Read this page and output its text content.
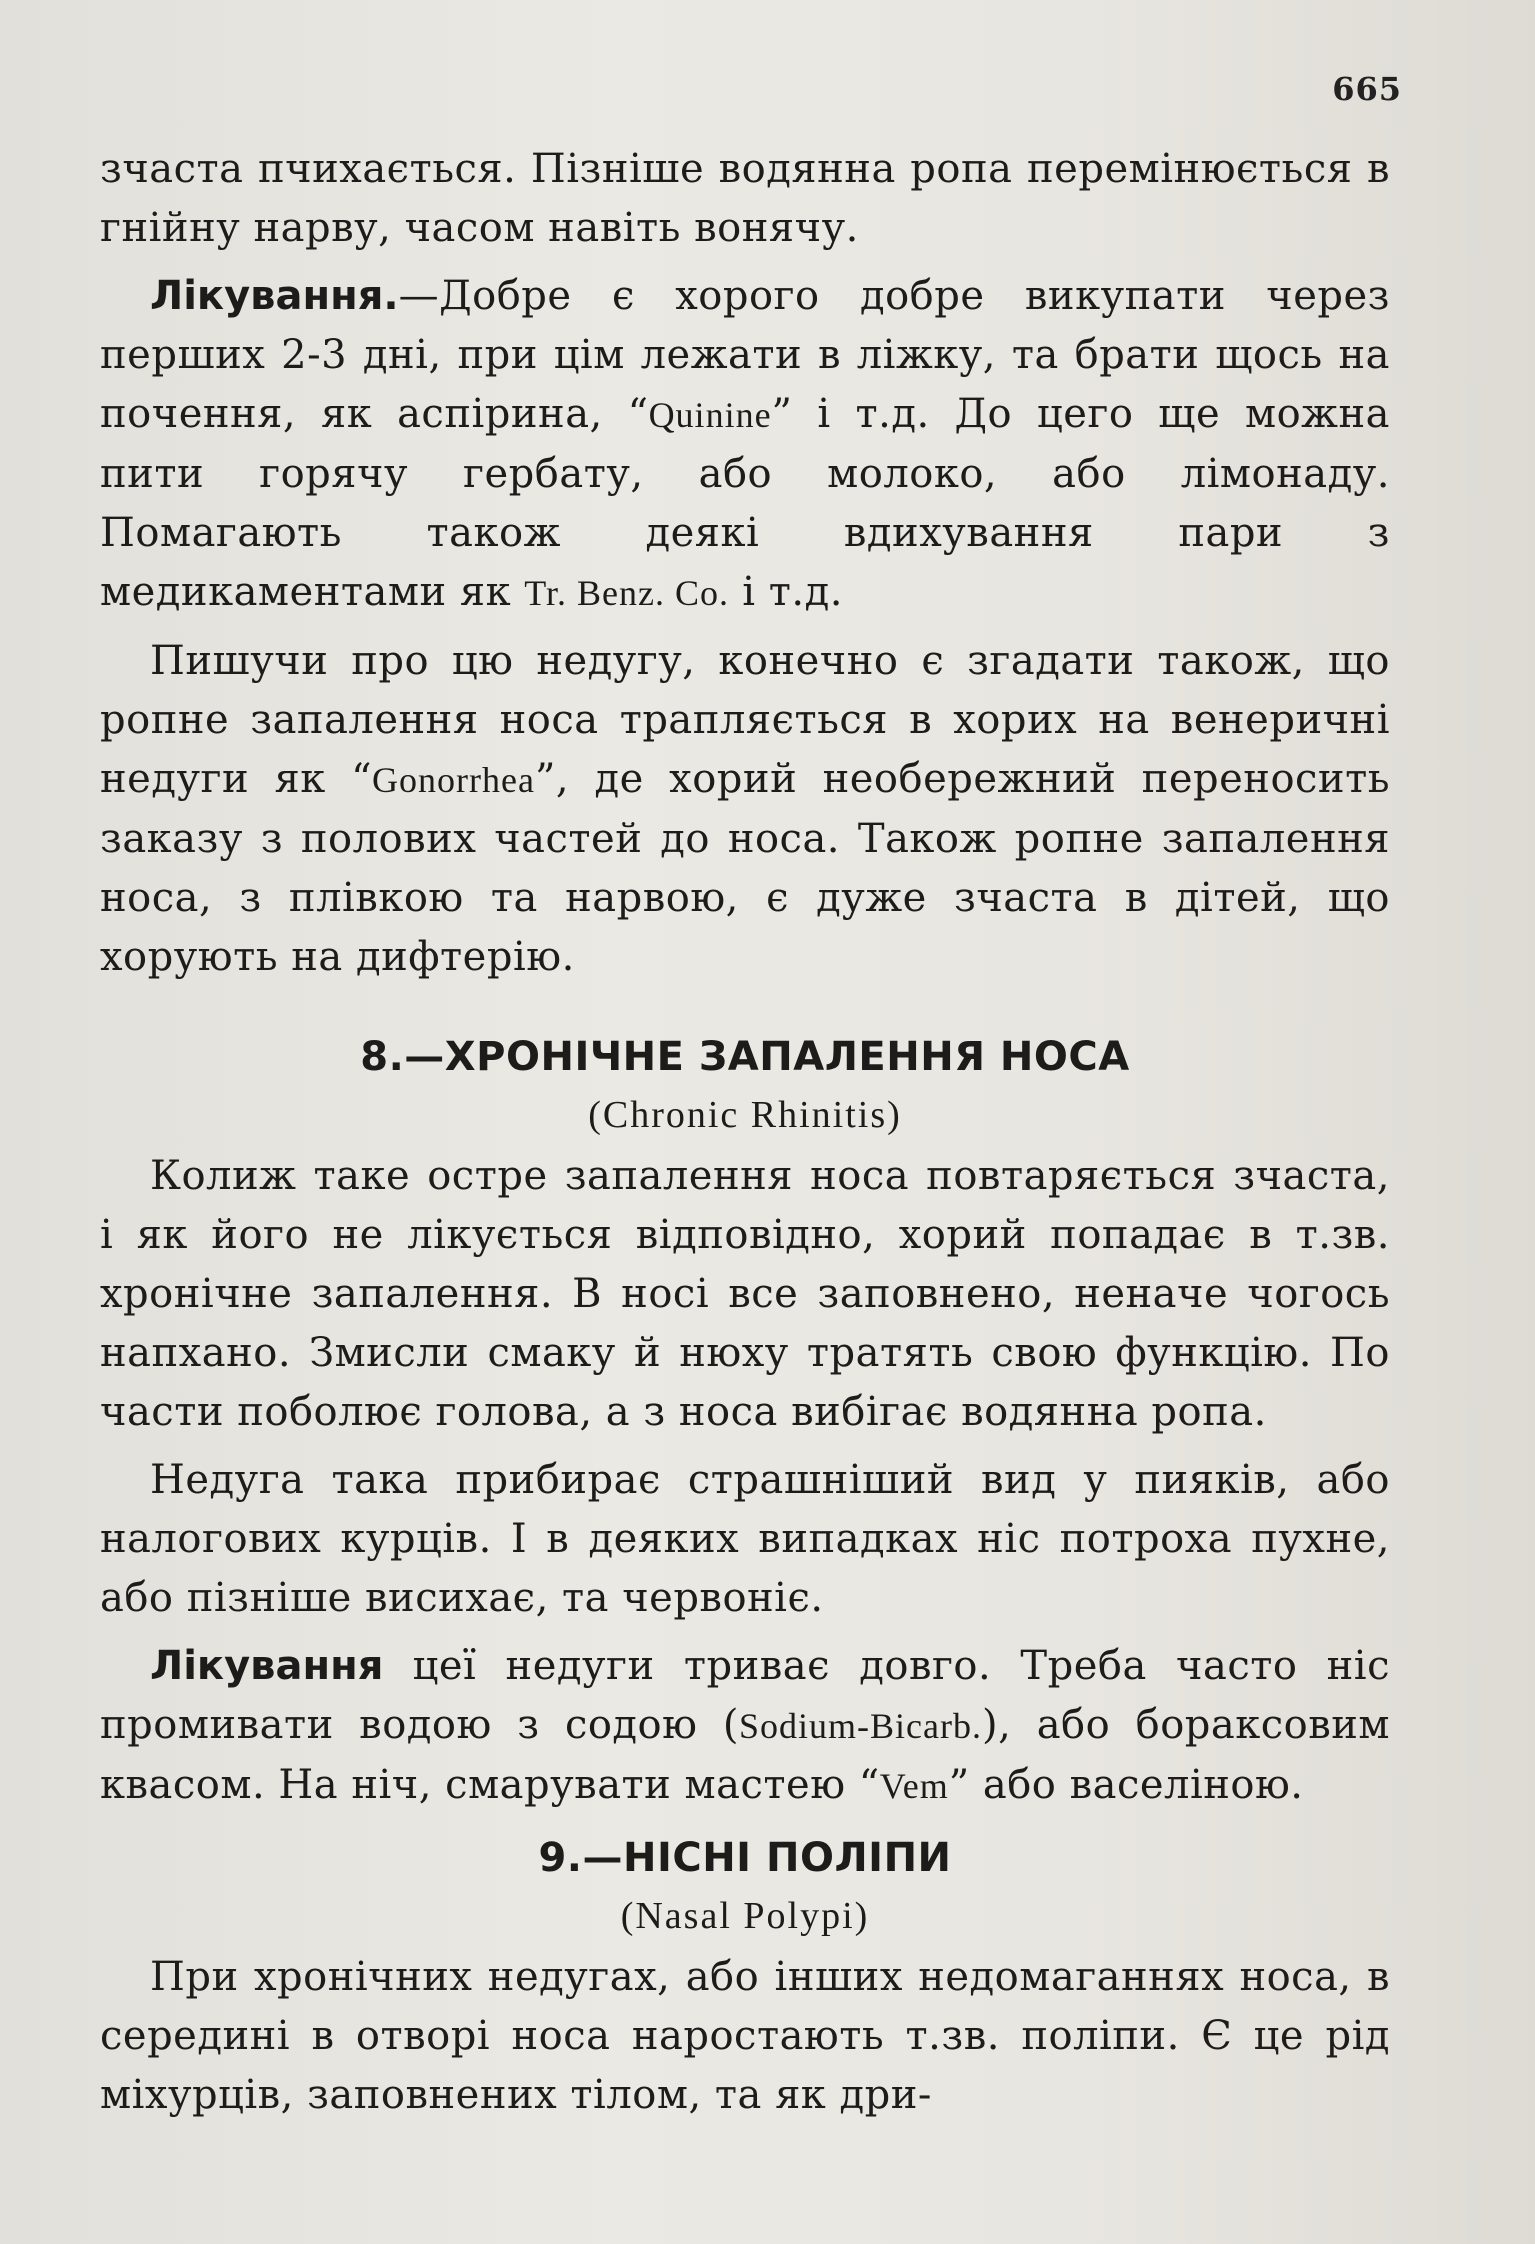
665

зчаста пчихається. Пізніше водянна ропа перемінюється в гнійну нарву, часом навіть вонячу.

Лікування.—Добре є хорого добре викупати через перших 2-3 дні, при цім лежати в ліжку, та брати щось на почення, як аспірина, “Quinine” і т.д. До цего ще можна пити горячу гербату, або молоко, або лімонаду. Помагають також деякі вдихування пари з медикаментами як Tr. Benz. Co. і т.д.

Пишучи про цю недугу, конечно є згадати також, що ропне запалення носа трапляється в хорих на венеричні недуги як “Gonorrhea”, де хорий необережний переносить заказу з полових частей до носа. Також ропне запалення носа, з плівкою та нарвою, є дуже зчаста в дітей, що хорують на дифтерію.

8.—ХРОНІЧНЕ ЗАПАЛЕННЯ НОСА
(Chronic Rhinitis)

Колиж таке остре запалення носа повтаряється зчаста, і як його не лікується відповідно, хорий попадає в т.зв. хронічне запалення. В носі все заповнено, неначе чогось напхано. Змисли смаку й нюху тратять свою функцію. По части поболює голова, а з носа вибігає водянна ропа.

Недуга така прибирає страшніший вид у пияків, або налогових курців. І в деяких випадках ніс потроха пухне, або пізніше висихає, та червоніє.

Лікування цеї недуги триває довго. Треба часто ніс промивати водою з содою (Sodium-Bicarb.), або бораксовим квасом. На ніч, смарувати мастею “Vem” або васеліною.

9.—НІСНІ ПОЛІПИ
(Nasal Polypi)

При хронічних недугах, або інших недомаганнях носа, в середині в отворі носа наростають т.зв. поліпи. Є це рід міхурців, заповнених тілом, та як дри-
